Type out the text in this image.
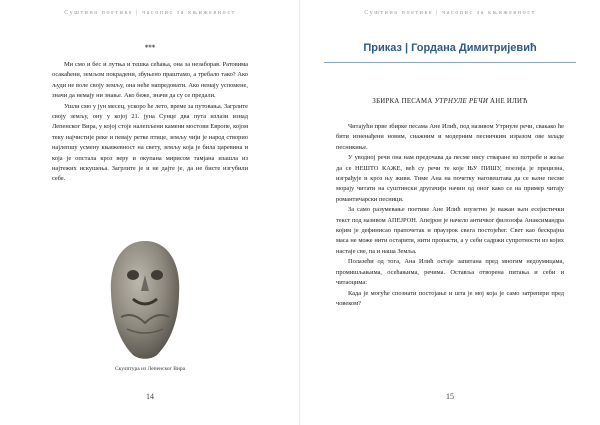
Суштина поетике | часопис за књижевност
***

Ми смо и бес и лутња и тешка сећања, она за незаборав. Ратовима осакаћени, земљом покрадени, збуњено праштамо, а требало тако? Ако људи не воле своју земљу, она неће напредовати. Ако немају успомене, значи да немају ни знање. Ако беже, значи да су се предали.

Ушли смо у јун месец, ускоро ће лето, време за путовања. Загрлите своју земљу, ону у којој 21. јуна Сунце два пута излази изнад Лепенског Вира, у којој стоје налепљени камени мостови Европе, којом теку најчистије реке и певају ретке птице, земљу чији је народ створио најлепшу усмену књижевност на свету, земљу која је била царевина и која је опстала кроз веру и окупана мирисом тамјана изашла из најтежих искушења. Загрлите је и не дајте је, да не бисте изгубили себе.

Скулптура из Лепенског Вира
14
Суштина поетике | часопис за књижевност
Приказ | Гордана Димитријевић
ЗБИРКА ПЕСАМА УТРНУЛЕ РЕЧИ АНЕ ИЛИЋ

Читајући прве збирке песама Ане Илић, под називом Утрнуле речи, свакако ће бити изненађени новим, снажним и модерним песничким изразом ове младе песникиње.

У уводној речи она нам предочава да песме нису стваране из потребе и жеље да се НЕШТО КАЖЕ, већ су речи те које ЊУ ПИШУ, поезија је прецизна, изграђује и кроз њу живи. Тиме Ана на почетку наговештава да се њене песме морају читати на суштински другачији начин од оног како се на пример читају романтичарски песници.

За само разумевање поетике Ане Илић изузетно је важан њен есејистички текст под називом АПЕЈРОН. Апејрон је начело античког филозофа Анаксимандра којим је дефинисао прапочетак и праузрок свега постојећег. Свет као бескрајна маса не може нити остарити, нити пропасти, а у себи садржи супротности из којих настаје све, па и наша Земља.

Полазећи од тога, Ана Илић остаје запитана пред многим недоумицама, промишљањима, осећањима, речима. Оставља отворена питања и себи и читаоцима:

Када је могуће спознати постојање и шта је мој која је само затрепери пред човеком?

15
